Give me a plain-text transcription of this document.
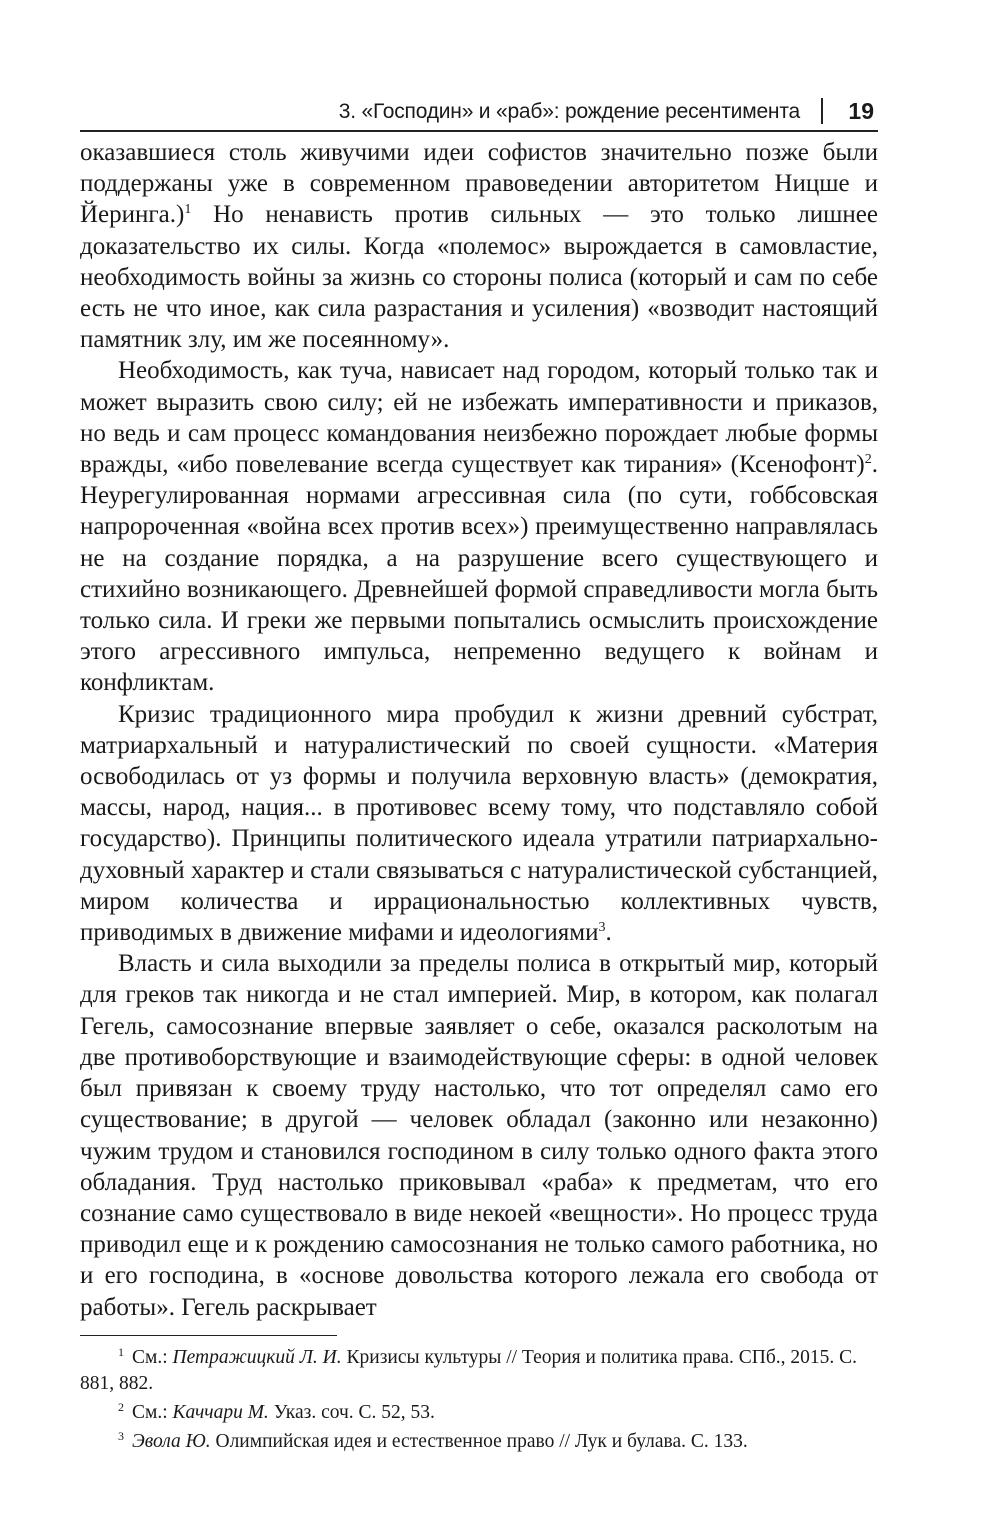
3. «Господин» и «раб»: рождение ресентимента 19

оказавшиеся столь живучими идеи софистов значительно позже были поддержаны уже в современном правоведении авторитетом Ницше и Йеринга.)$^1$ Но ненависть против сильных — это только лишнее доказательство их силы. Когда «полемос» вырождается в самовластие, необходимость войны за жизнь со стороны полиса (который и сам по себе есть не что иное, как сила разрастания и усиления) «возводит настоящий памятник злу, им же посеянному».

Необходимость, как туча, нависает над городом, который только так и может выразить свою силу; ей не избежать императивности и приказов, но ведь и сам процесс командования неизбежно порождает любые формы вражды, «ибо повелевание всегда существует как тирания» (Ксенофонт)$^2$. Неурегулированная нормами агрессивная сила (по сути, гоббсовская напророченная «война всех против всех») преимущественно направлялась не на создание порядка, а на разрушение всего существующего и стихийно возникающего. Древнейшей формой справедливости могла быть только сила. И греки же первыми попытались осмыслить происхождение этого агрессивного импульса, непременно ведущего к войнам и конфликтам.

Кризис традиционного мира пробудил к жизни древний субстрат, матриархальный и натуралистический по своей сущности. «Материя освободилась от уз формы и получила верховную власть» (демократия, массы, народ, нация... в противовес всему тому, что подставляло собой государство). Принципы политического идеала утратили патриархально-духовный характер и стали связываться с натуралистической субстанцией, миром количества и иррациональностью коллективных чувств, приводимых в движение мифами и идеологиями$^3$.

Власть и сила выходили за пределы полиса в открытый мир, который для греков так никогда и не стал империей. Мир, в котором, как полагал Гегель, самосознание впервые заявляет о себе, оказался расколотым на две противоборствующие и взаимодействующие сферы: в одной человек был привязан к своему труду настолько, что тот определял само его существование; в другой — человек обладал (законно или незаконно) чужим трудом и становился господином в силу только одного факта этого обладания. Труд настолько приковывал «раба» к предметам, что его сознание само существовало в виде некоей «вещности». Но процесс труда приводил еще и к рождению самосознания не только самого работника, но и его господина, в «основе довольства которого лежала его свобода от работы». Гегель раскрывает

$^1$ См.: Петражицкий Л. И. Кризисы культуры // Теория и политика права. СПб., 2015. С. 881, 882.

$^2$ См.: Каччари М. Указ. соч. С. 52, 53.

$^3$ Эвола Ю. Олимпийская идея и естественное право // Лук и булава. С. 133.
